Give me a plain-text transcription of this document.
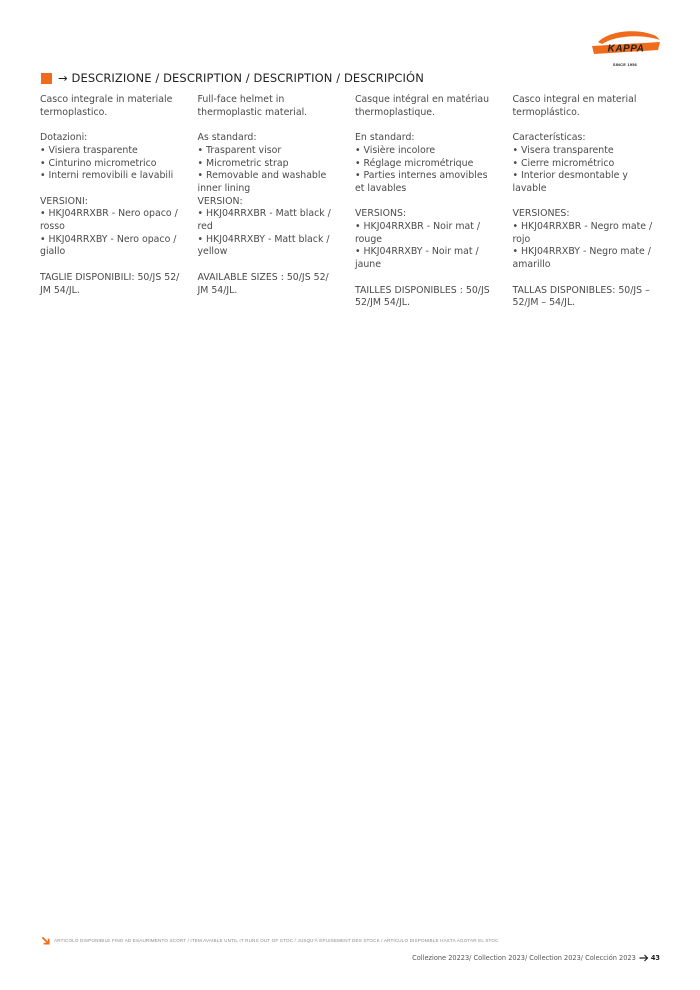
KAPPA
SINCE 1956
→ DESCRIZIONE / DESCRIPTION / DESCRIPTION / DESCRIPCIÓN
Casco integrale in materiale termoplastico.

Dotazioni:
• Visiera trasparente
• Cinturino micrometrico
• Interni removibili e lavabili

VERSIONI:
• HKJ04RRXBR - Nero opaco / rosso
• HKJ04RRXBY - Nero opaco / giallo

TAGLIE DISPONIBILI: 50/JS 52/ JM 54/JL.
Full-face helmet in thermoplastic material.

As standard:
• Trasparent visor
• Micrometric strap
• Removable and washable inner lining
VERSION:
• HKJ04RRXBR - Matt black / red
• HKJ04RRXBY - Matt black / yellow

AVAILABLE SIZES : 50/JS 52/ JM 54/JL.
Casque intégral en matériau thermoplastique.

En standard:
• Visière incolore
• Réglage micrométrique
• Parties internes amovibles et lavables

VERSIONS:
• HKJ04RRXBR - Noir mat / rouge
• HKJ04RRXBY - Noir mat / jaune

TAILLES DISPONIBLES : 50/JS 52/JM 54/JL.
Casco integral en material termoplástico.

Características:
• Visera transparente
• Cierre micrométrico
• Interior desmontable y lavable

VERSIONES:
• HKJ04RRXBR - Negro mate / rojo
• HKJ04RRXBY - Negro mate / amarillo

TALLAS DISPONIBLES: 50/JS – 52/JM – 54/JL.
ARTICOLO DISPONIBILE FINO AD ESAURIMENTO SCORT / ITEM AVAIBLE UNTIL IT RUNS OUT OF STOC / JUSQU'À ÉPUISEMENT DES STOCK / ARTÍCULO DISPONIBLE HASTA AGOTAR EL STOC
Collezione 20223/ Collection 2023/ Collection 2023/ Colección 2023 43
